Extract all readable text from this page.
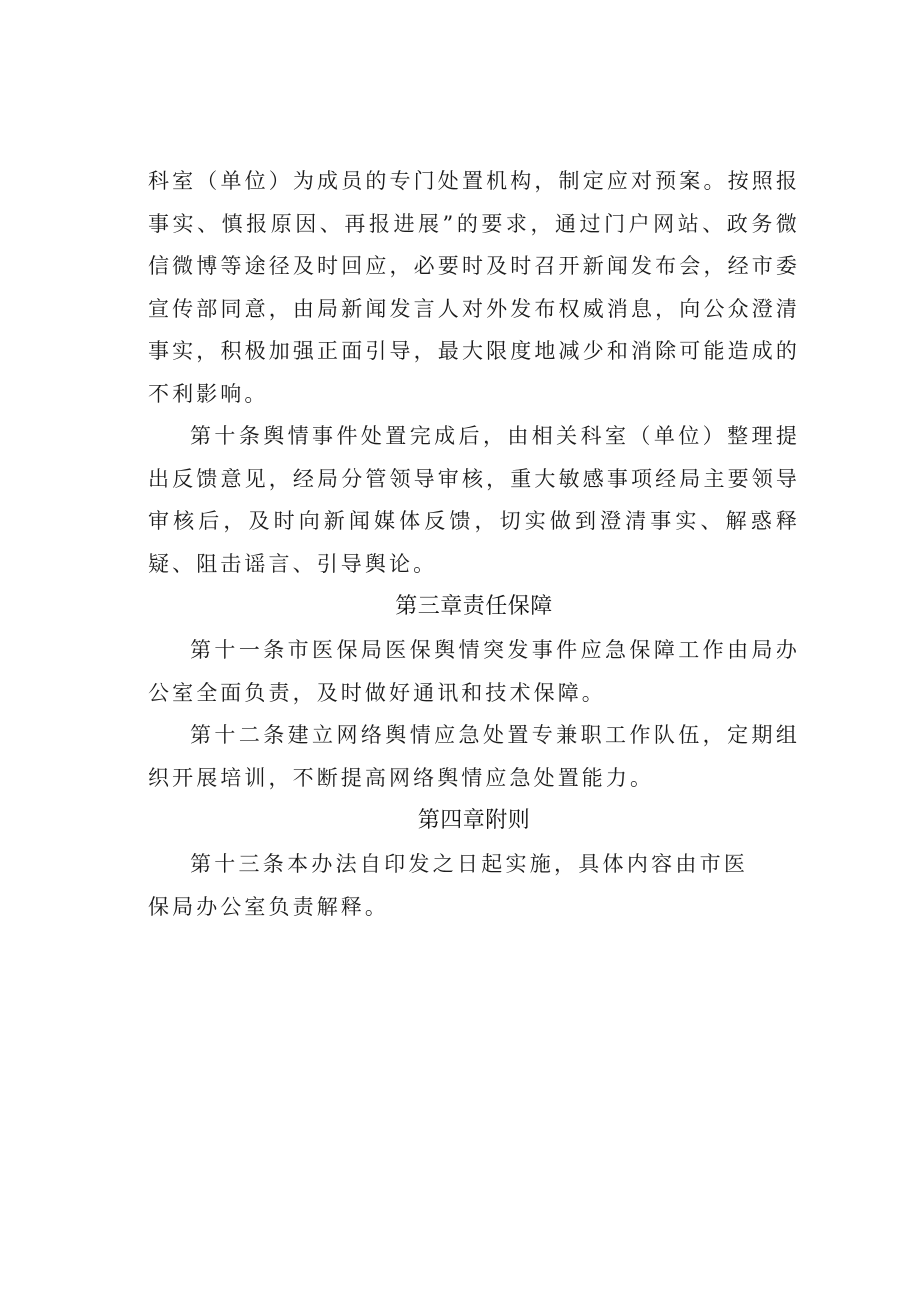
科室（单位）为成员的专门处置机构，制定应对预案。按照报事实、慎报原因、再报进展”的要求，通过门户网站、政务微信微博等途径及时回应，必要时及时召开新闻发布会，经市委宣传部同意，由局新闻发言人对外发布权威消息，向公众澄清事实，积极加强正面引导，最大限度地减少和消除可能造成的不利影响。

第十条舆情事件处置完成后，由相关科室（单位）整理提出反馈意见，经局分管领导审核，重大敏感事项经局主要领导审核后，及时向新闻媒体反馈，切实做到澄清事实、解惑释疑、阻击谣言、引导舆论。

第三章责任保障

第十一条市医保局医保舆情突发事件应急保障工作由局办公室全面负责，及时做好通讯和技术保障。

第十二条建立网络舆情应急处置专兼职工作队伍，定期组织开展培训，不断提高网络舆情应急处置能力。

第四章附则

第十三条本办法自印发之日起实施，具体内容由市医保局办公室负责解释。
